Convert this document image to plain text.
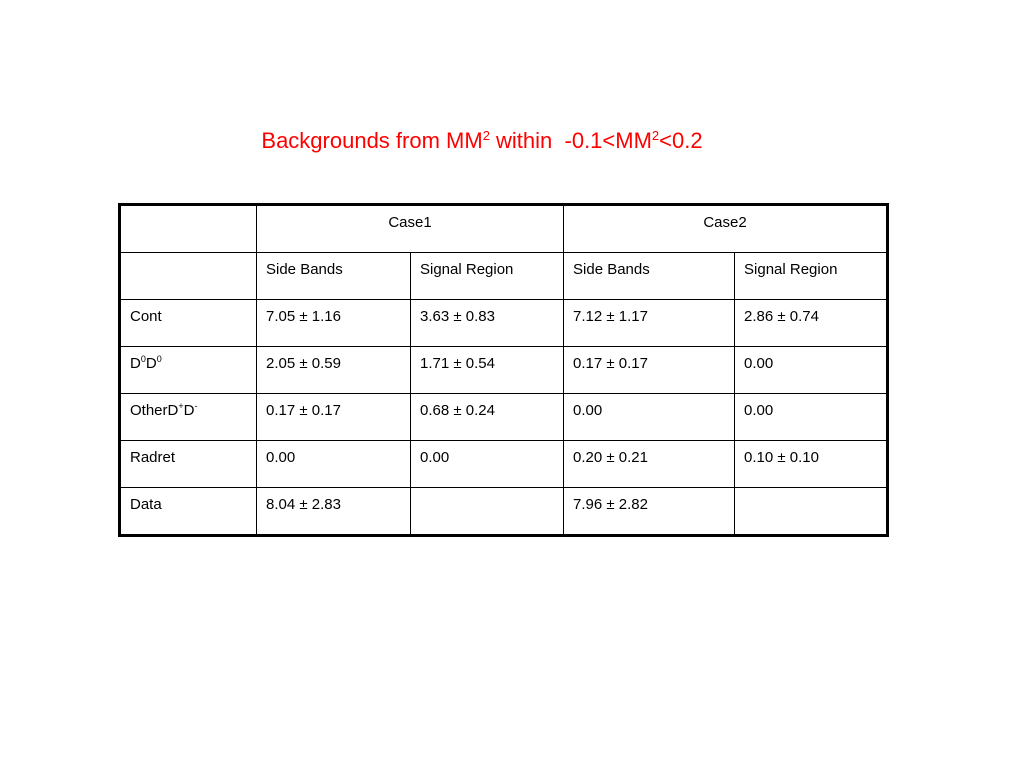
Backgrounds from $MM^2$ within  $-0.1<MM^2<0.2$

	Case1		Case2	

	Side Bands	Signal Region	Side Bands	Signal Region

Cont	7.05 ± 1.16	3.63 ± 0.83	7.12 ± 1.17	2.86 ± 0.74

$D^0D^0$	2.05 ± 0.59	1.71 ± 0.54	0.17 ± 0.17	0.00

OtherD+D-	0.17 ± 0.17	0.68 ± 0.24	0.00	0.00

Radret	0.00	0.00	0.20 ± 0.21	0.10 ± 0.10

Data	8.04 ± 2.83		7.96 ± 2.82	
